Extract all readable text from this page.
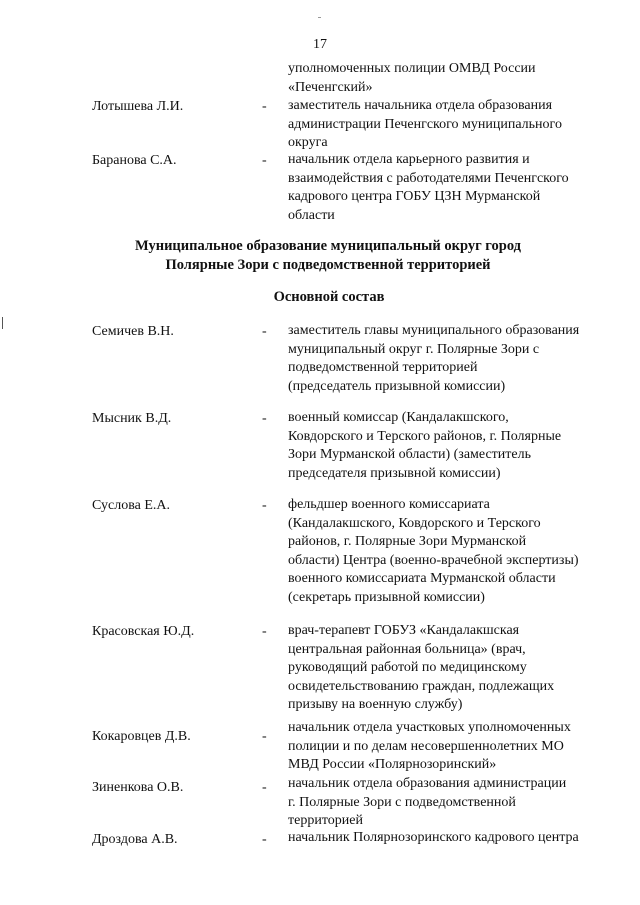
17
уполномоченных полиции ОМВД России
«Печенгский»
Лотышева Л.И.	- заместитель начальника отдела образования
администрации Печенгского муниципального
округа
Баранова С.А.	- начальник отдела карьерного развития и
взаимодействия с работодателями Печенгского
кадрового центра ГОБУ ЦЗН Мурманской
области
Муниципальное образование муниципальный округ город
Полярные Зори с подведомственной территорией
Основной состав
Семичев В.Н.	- заместитель главы муниципального образования
муниципальный округ г. Полярные Зори с
подведомственной территорией
(председатель призывной комиссии)
Мысник В.Д.	- военный комиссар (Кандалакшского,
Ковдорского и Терского районов, г. Полярные
Зори Мурманской области) (заместитель
председателя призывной комиссии)
Суслова Е.А.	- фельдшер военного комиссариата
(Кандалакшского, Ковдорского и Терского
районов, г. Полярные Зори Мурманской
области) Центра (военно-врачебной экспертизы)
военного комиссариата Мурманской области
(секретарь призывной комиссии)
Красовская Ю.Д.	- врач-терапевт ГОБУЗ «Кандалакшская
центральная районная больница» (врач,
руководящий работой по медицинскому
освидетельствованию граждан, подлежащих
призыву на военную службу)
Кокаровцев Д.В.	-
начальник отдела участковых уполномоченных
полиции и по делам несовершеннолетних МО
МВД России «Полярнозоринский»
Зиненкова О.В.	- начальник отдела образования администрации
г. Полярные Зори с подведомственной
территорией
Дроздова А.В.	- начальник Полярнозоринского кадрового центра
